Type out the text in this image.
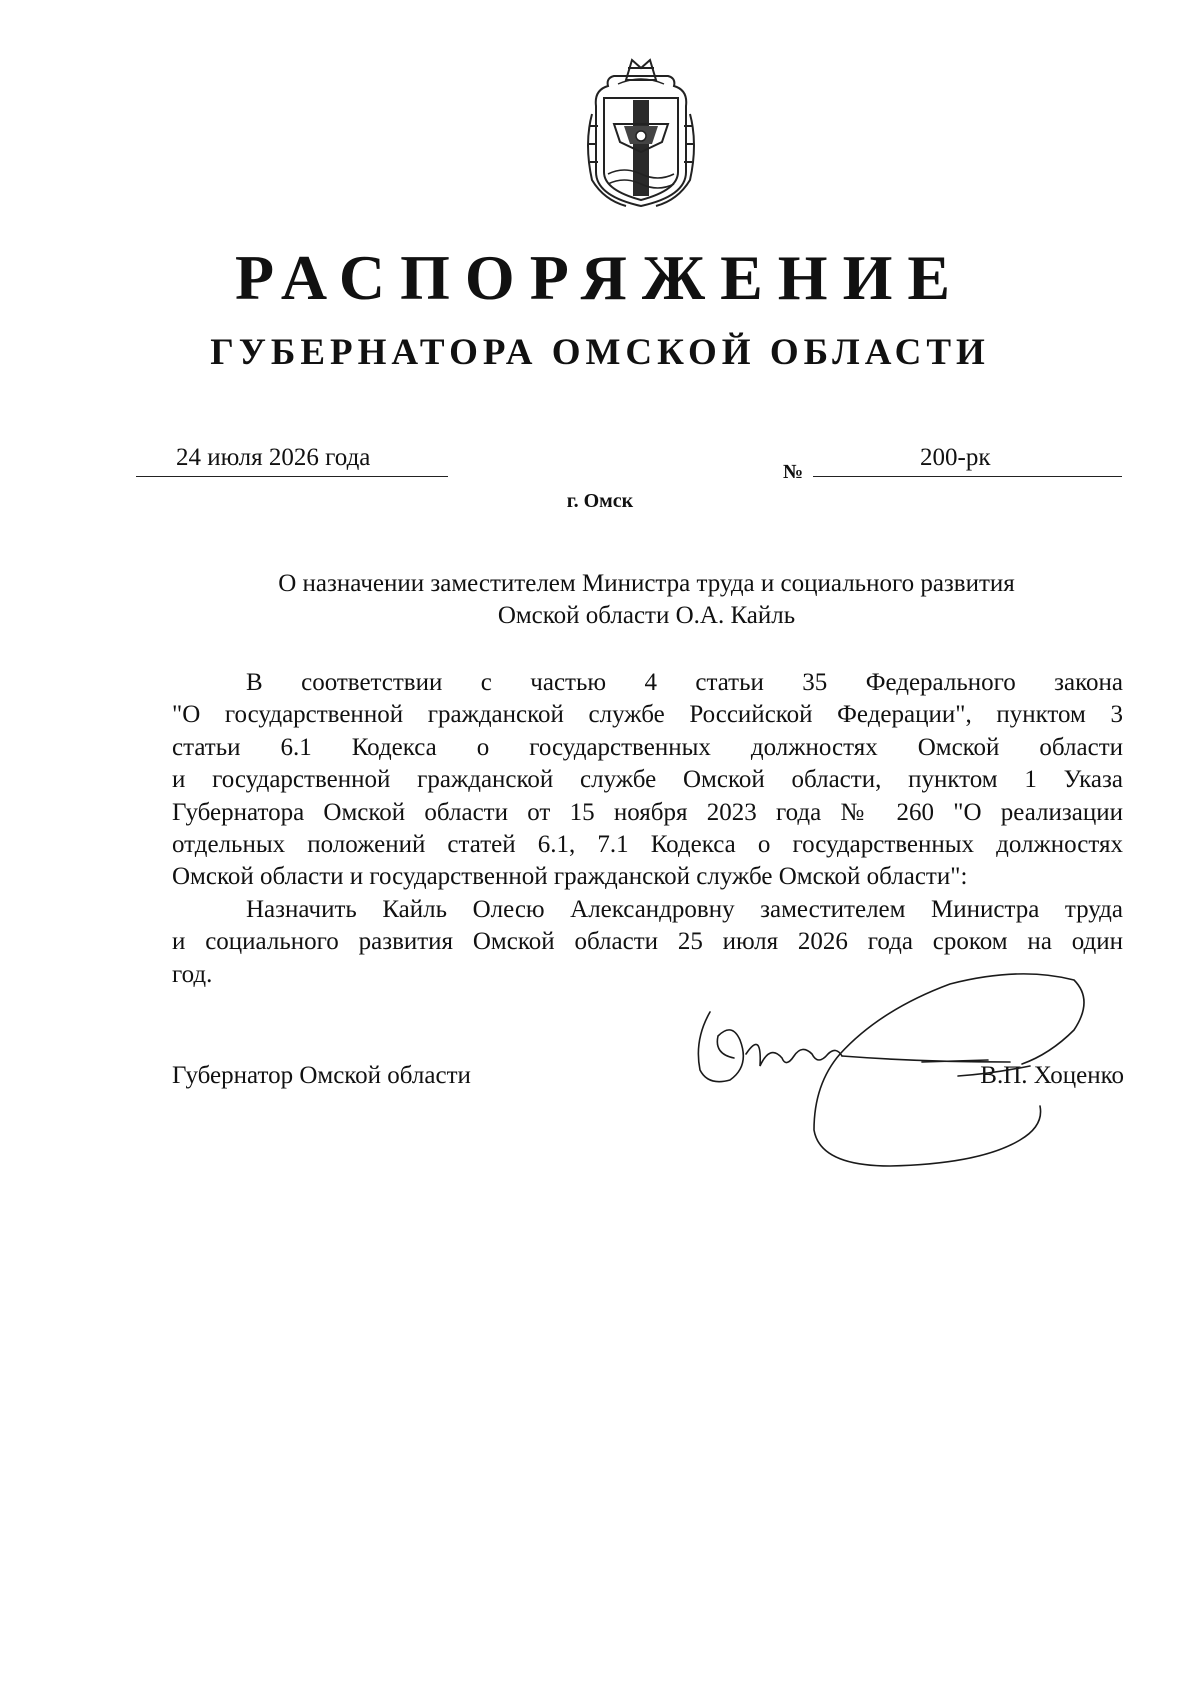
РАСПОРЯЖЕНИЕ
ГУБЕРНАТОРА ОМСКОЙ ОБЛАСТИ
24 июля 2026 года
№
200-рк
г. Омск
О назначении заместителем Министра труда и социального развития
Омской области О.А. Кайль
В соответствии с частью 4 статьи 35 Федерального закона
"О государственной гражданской службе Российской Федерации", пунктом 3
статьи 6.1 Кодекса о государственных должностях Омской области
и государственной гражданской службе Омской области, пунктом 1 Указа
Губернатора Омской области от 15 ноября 2023 года № 260 "О реализации
отдельных положений статей 6.1, 7.1 Кодекса о государственных должностях
Омской области и государственной гражданской службе Омской области":
Назначить Кайль Олесю Александровну заместителем Министра труда
и социального развития Омской области 25 июля 2026 года сроком на один
год.
Губернатор Омской области	В.П. Хоценко
